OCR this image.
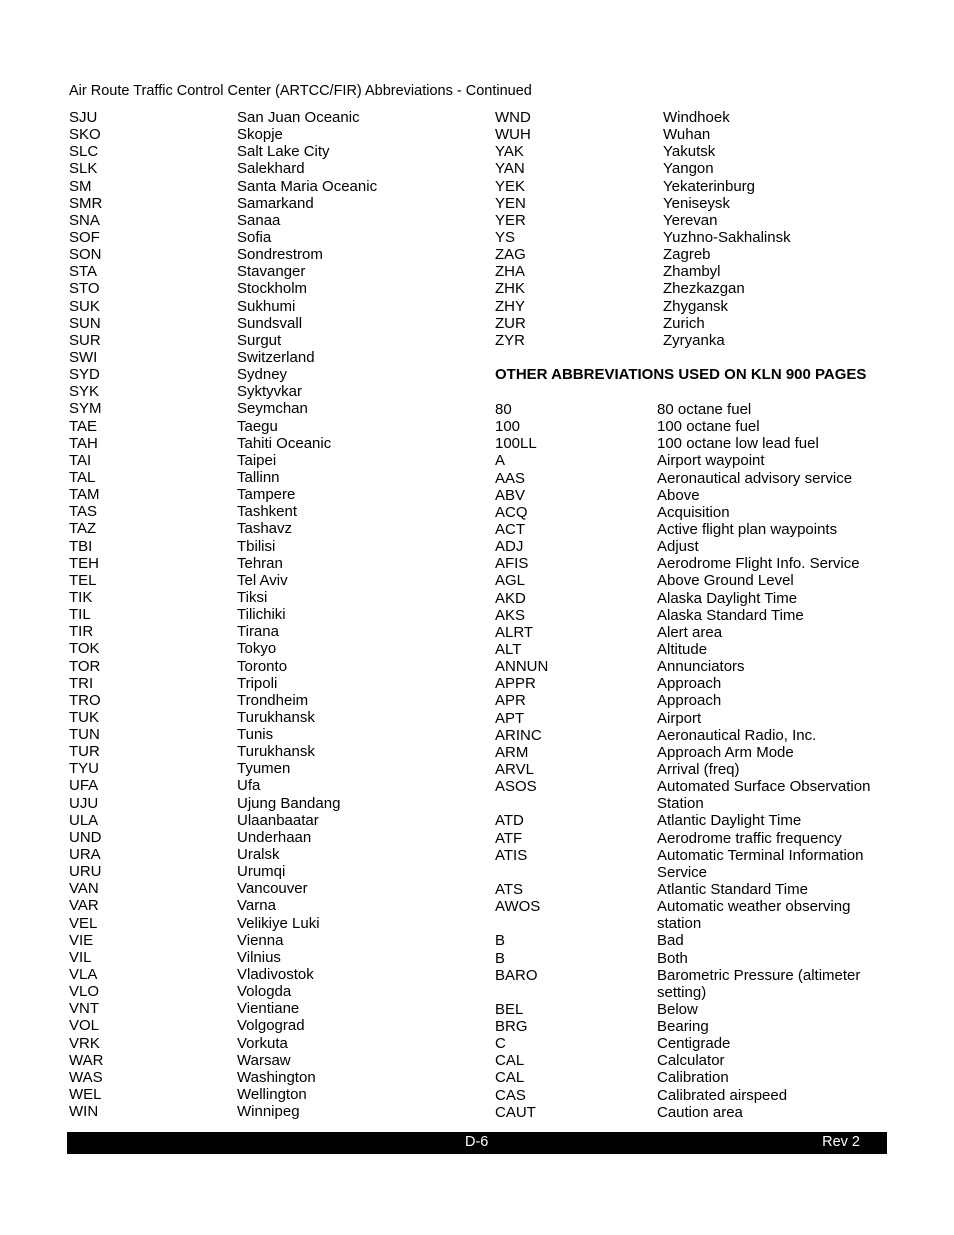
Air Route Traffic Control Center (ARTCC/FIR) Abbreviations - Continued
SJU	San Juan Oceanic
SKO	Skopje
SLC	Salt Lake City
SLK	Salekhard
SM	Santa Maria Oceanic
SMR	Samarkand
SNA	Sanaa
SOF	Sofia
SON	Sondrestrom
STA	Stavanger
STO	Stockholm
SUK	Sukhumi
SUN	Sundsvall
SUR	Surgut
SWI	Switzerland
SYD	Sydney
SYK	Syktyvkar
SYM	Seymchan
TAE	Taegu
TAH	Tahiti Oceanic
TAI	Taipei
TAL	Tallinn
TAM	Tampere
TAS	Tashkent
TAZ	Tashavz
TBI	Tbilisi
TEH	Tehran
TEL	Tel Aviv
TIK	Tiksi
TIL	Tilichiki
TIR	Tirana
TOK	Tokyo
TOR	Toronto
TRI	Tripoli
TRO	Trondheim
TUK	Turukhansk
TUN	Tunis
TUR	Turukhansk
TYU	Tyumen
UFA	Ufa
UJU	Ujung Bandang
ULA	Ulaanbaatar
UND	Underhaan
URA	Uralsk
URU	Urumqi
VAN	Vancouver
VAR	Varna
VEL	Velikiye Luki
VIE	Vienna
VIL	Vilnius
VLA	Vladivostok
VLO	Vologda
VNT	Vientiane
VOL	Volgograd
VRK	Vorkuta
WAR	Warsaw
WAS	Washington
WEL	Wellington
WIN	Winnipeg
WND	Windhoek
WUH	Wuhan
YAK	Yakutsk
YAN	Yangon
YEK	Yekaterinburg
YEN	Yeniseysk
YER	Yerevan
YS	Yuzhno-Sakhalinsk
ZAG	Zagreb
ZHA	Zhambyl
ZHK	Zhezkazgan
ZHY	Zhygansk
ZUR	Zurich
ZYR	Zyryanka
OTHER ABBREVIATIONS USED ON KLN 900 PAGES
80	80 octane fuel
100	100 octane fuel
100LL	100 octane low lead fuel
A	Airport waypoint
AAS	Aeronautical advisory service
ABV	Above
ACQ	Acquisition
ACT	Active flight plan waypoints
ADJ	Adjust
AFIS	Aerodrome Flight Info. Service
AGL	Above Ground Level
AKD	Alaska Daylight Time
AKS	Alaska Standard Time
ALRT	Alert area
ALT	Altitude
ANNUN	Annunciators
APPR	Approach
APR	Approach
APT	Airport
ARINC	Aeronautical Radio, Inc.
ARM	Approach Arm Mode
ARVL	Arrival (freq)
ASOS	Automated Surface Observation
Station
ATD	Atlantic Daylight Time
ATF	Aerodrome traffic frequency
ATIS	Automatic Terminal Information
Service
ATS	Atlantic Standard Time
AWOS	Automatic weather observing
station
B	Bad
B	Both
BARO	Barometric Pressure (altimeter
setting)
BEL	Below
BRG	Bearing
C	Centigrade
CAL	Calculator
CAL	Calibration
CAS	Calibrated airspeed
CAUT	Caution area
D-6	Rev 2
